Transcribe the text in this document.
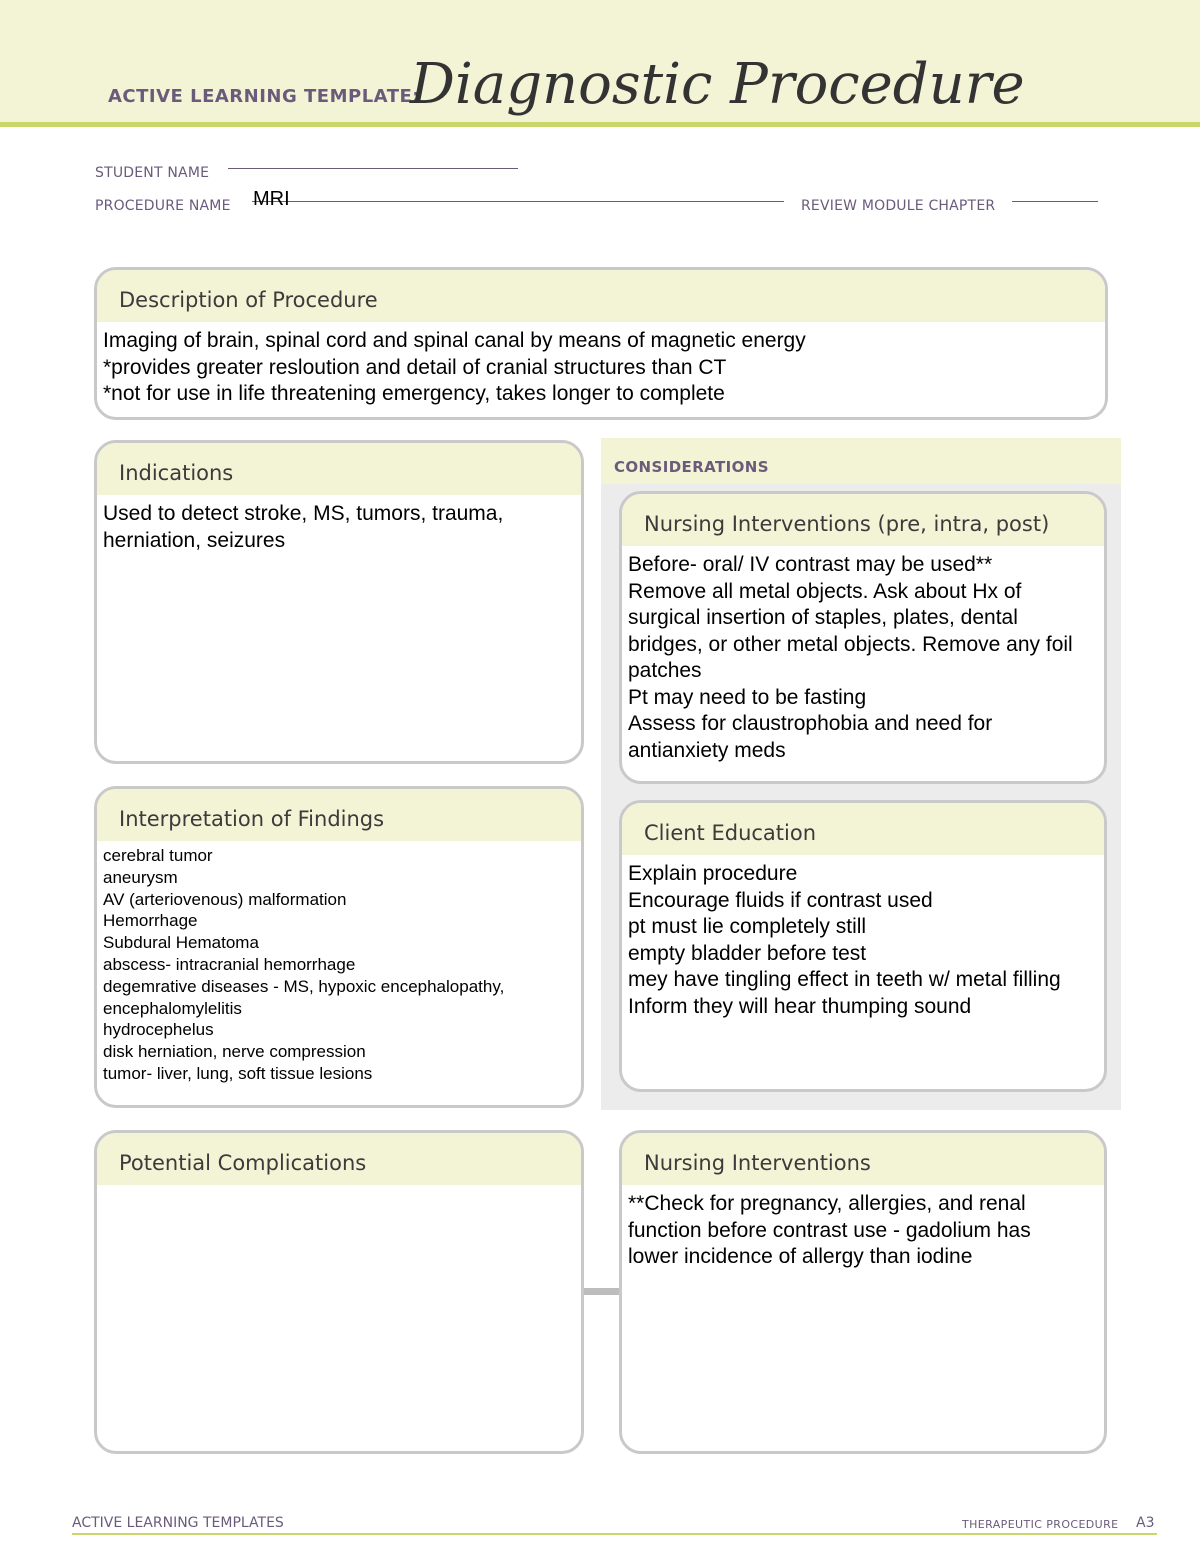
ACTIVE LEARNING TEMPLATE:
Diagnostic Procedure
STUDENT NAME
PROCEDURE NAME MRI	REVIEW MODULE CHAPTER
Description of Procedure
Imaging of brain, spinal cord and spinal canal by means of magnetic energy
*provides greater resloution and detail of cranial structures than CT
*not for use in life threatening emergency, takes longer to complete
CONSIDERATIONS
Indications
Used to detect stroke, MS, tumors, trauma, herniation, seizures
Interpretation of Findings
cerebral tumor
aneurysm
AV (arteriovenous) malformation
Hemorrhage
Subdural Hematoma
abscess- intracranial hemorrhage
degemrative diseases - MS, hypoxic encephalopathy,
encephalomylelitis
hydrocephelus
disk herniation, nerve compression
tumor- liver, lung, soft tissue lesions
Nursing Interventions (pre, intra, post)
Before- oral/ IV contrast may be used**
Remove all metal objects. Ask about Hx of surgical insertion of staples, plates, dental bridges, or other metal objects. Remove any foil patches
Pt may need to be fasting
Assess for claustrophobia and need for antianxiety meds
Client Education
Explain procedure
Encourage fluids if contrast used
pt must lie completely still
empty bladder before test
mey have tingling effect in teeth w/ metal filling
Inform they will hear thumping sound
Potential Complications	Nursing Interventions
**Check for pregnancy, allergies, and renal function before contrast use - gadolium has lower incidence of allergy than iodine
ACTIVE LEARNING TEMPLATES	THERAPEUTIC PROCEDURE A3
